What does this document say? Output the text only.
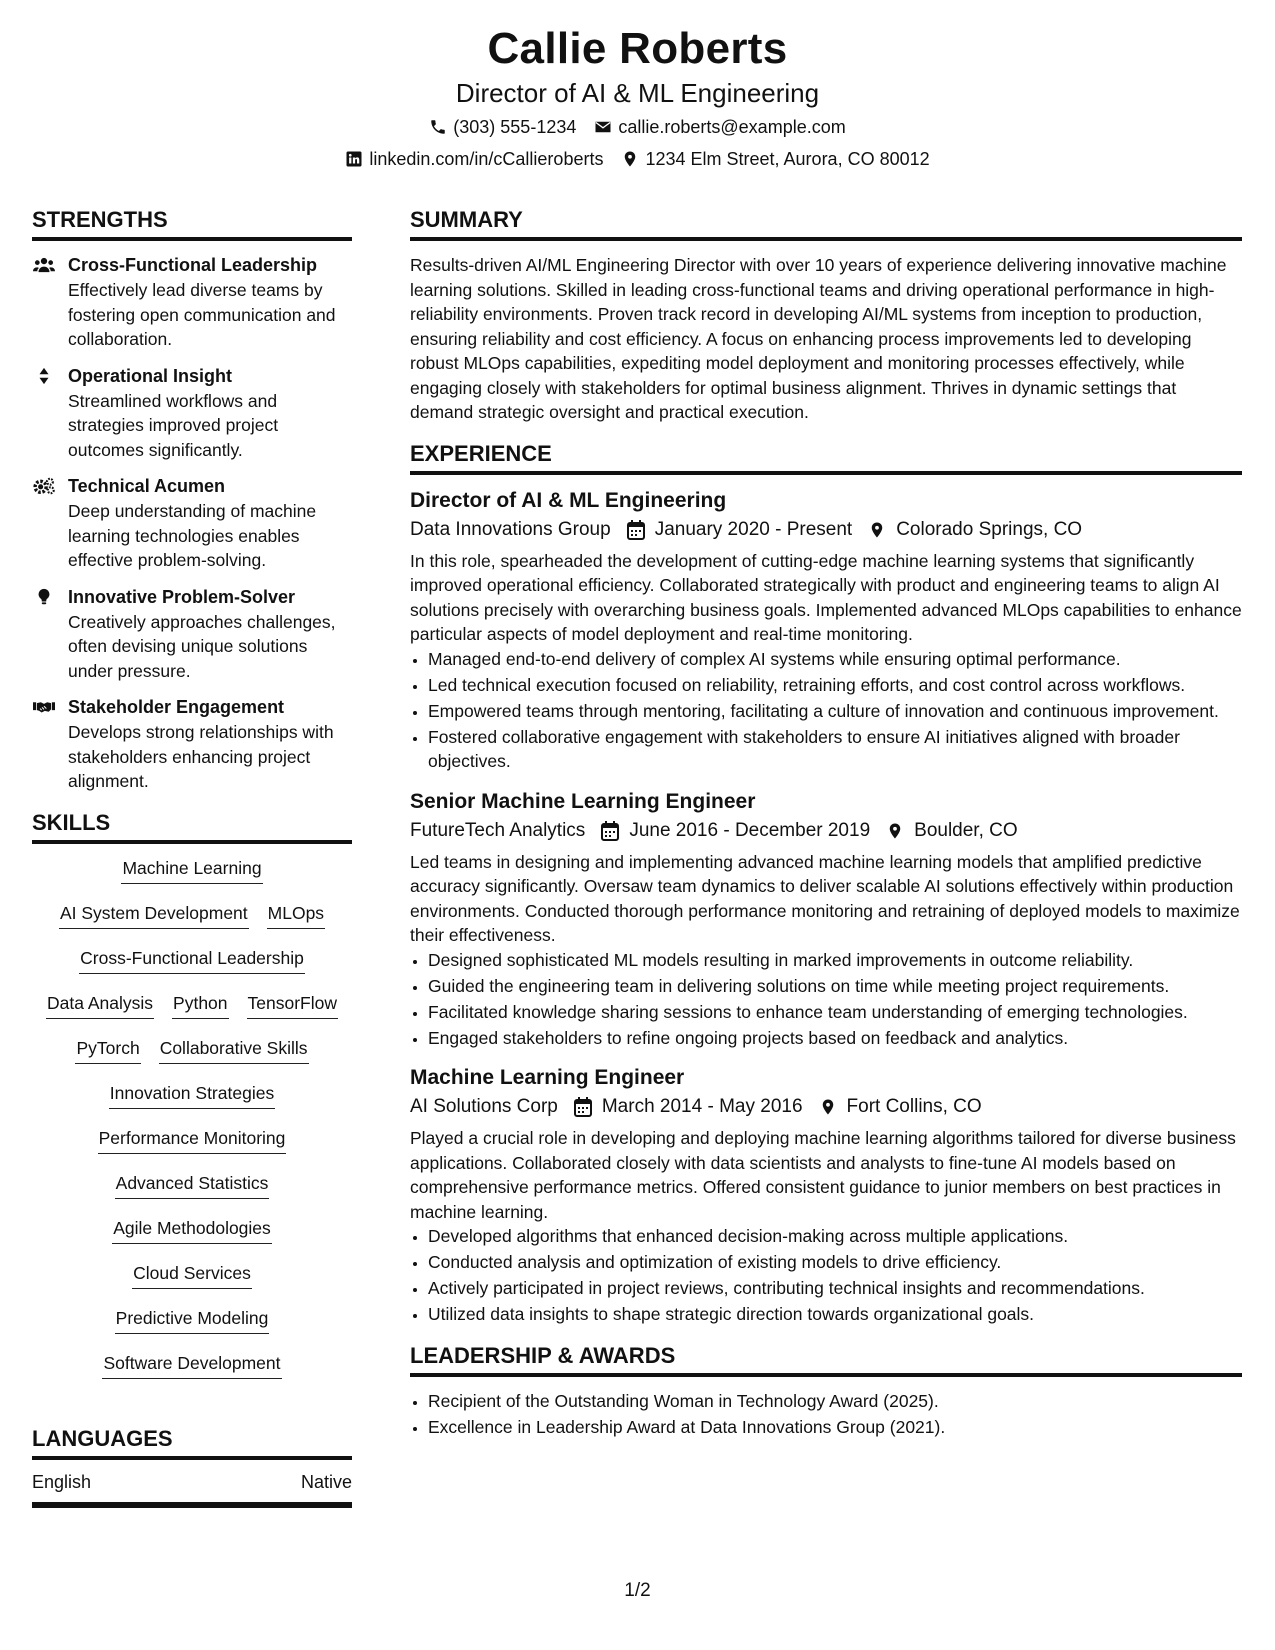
Callie Roberts
Director of AI & ML Engineering
(303) 555-1234 callie.roberts@example.com
linkedin.com/in/cCallieroberts 1234 Elm Street, Aurora, CO 80012
STRENGTHS
Cross-Functional Leadership
Effectively lead diverse teams by fostering open communication and collaboration.
Operational Insight
Streamlined workflows and strategies improved project outcomes significantly.
Technical Acumen
Deep understanding of machine learning technologies enables effective problem-solving.
Innovative Problem-Solver
Creatively approaches challenges, often devising unique solutions under pressure.
Stakeholder Engagement
Develops strong relationships with stakeholders enhancing project alignment.
SKILLS
Machine Learning
AI System Development MLOps
Cross-Functional Leadership
Data Analysis Python TensorFlow
PyTorch Collaborative Skills
Innovation Strategies
Performance Monitoring
Advanced Statistics
Agile Methodologies
Cloud Services
Predictive Modeling
Software Development
LANGUAGES
English	Native
SUMMARY
Results-driven AI/ML Engineering Director with over 10 years of experience delivering innovative machine learning solutions. Skilled in leading cross-functional teams and driving operational performance in high-reliability environments. Proven track record in developing AI/ML systems from inception to production, ensuring reliability and cost efficiency. A focus on enhancing process improvements led to developing robust MLOps capabilities, expediting model deployment and monitoring processes effectively, while engaging closely with stakeholders for optimal business alignment. Thrives in dynamic settings that demand strategic oversight and practical execution.
EXPERIENCE
Director of AI & ML Engineering
Data Innovations Group January 2020 - Present Colorado Springs, CO
In this role, spearheaded the development of cutting-edge machine learning systems that significantly improved operational efficiency. Collaborated strategically with product and engineering teams to align AI solutions precisely with overarching business goals. Implemented advanced MLOps capabilities to enhance particular aspects of model deployment and real-time monitoring.
• Managed end-to-end delivery of complex AI systems while ensuring optimal performance.
• Led technical execution focused on reliability, retraining efforts, and cost control across workflows.
• Empowered teams through mentoring, facilitating a culture of innovation and continuous improvement.
• Fostered collaborative engagement with stakeholders to ensure AI initiatives aligned with broader objectives.
Senior Machine Learning Engineer
FutureTech Analytics June 2016 - December 2019 Boulder, CO
Led teams in designing and implementing advanced machine learning models that amplified predictive accuracy significantly. Oversaw team dynamics to deliver scalable AI solutions effectively within production environments. Conducted thorough performance monitoring and retraining of deployed models to maximize their effectiveness.
• Designed sophisticated ML models resulting in marked improvements in outcome reliability.
• Guided the engineering team in delivering solutions on time while meeting project requirements.
• Facilitated knowledge sharing sessions to enhance team understanding of emerging technologies.
• Engaged stakeholders to refine ongoing projects based on feedback and analytics.
Machine Learning Engineer
AI Solutions Corp March 2014 - May 2016 Fort Collins, CO
Played a crucial role in developing and deploying machine learning algorithms tailored for diverse business applications. Collaborated closely with data scientists and analysts to fine-tune AI models based on comprehensive performance metrics. Offered consistent guidance to junior members on best practices in machine learning.
• Developed algorithms that enhanced decision-making across multiple applications.
• Conducted analysis and optimization of existing models to drive efficiency.
• Actively participated in project reviews, contributing technical insights and recommendations.
• Utilized data insights to shape strategic direction towards organizational goals.
LEADERSHIP & AWARDS
• Recipient of the Outstanding Woman in Technology Award (2025).
• Excellence in Leadership Award at Data Innovations Group (2021).
1/2
